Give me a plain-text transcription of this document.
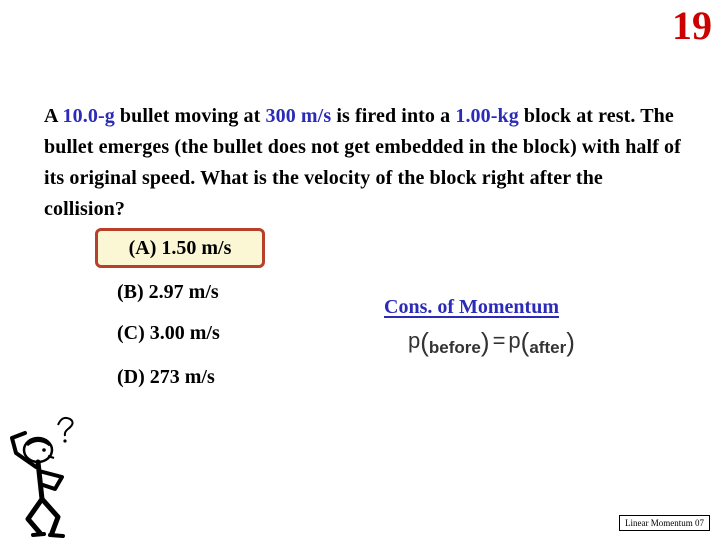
19
A 10.0-g bullet moving at 300 m/s is fired into a 1.00-kg block at rest. The bullet emerges (the bullet does not get embedded in the block) with half of its original speed. What is the velocity of the block right after the collision?
(A) 1.50 m/s
(B) 2.97 m/s
(C) 3.00 m/s
(D) 273 m/s
Cons. of Momentum
p(before) = p(after)
Linear Momentum 07
